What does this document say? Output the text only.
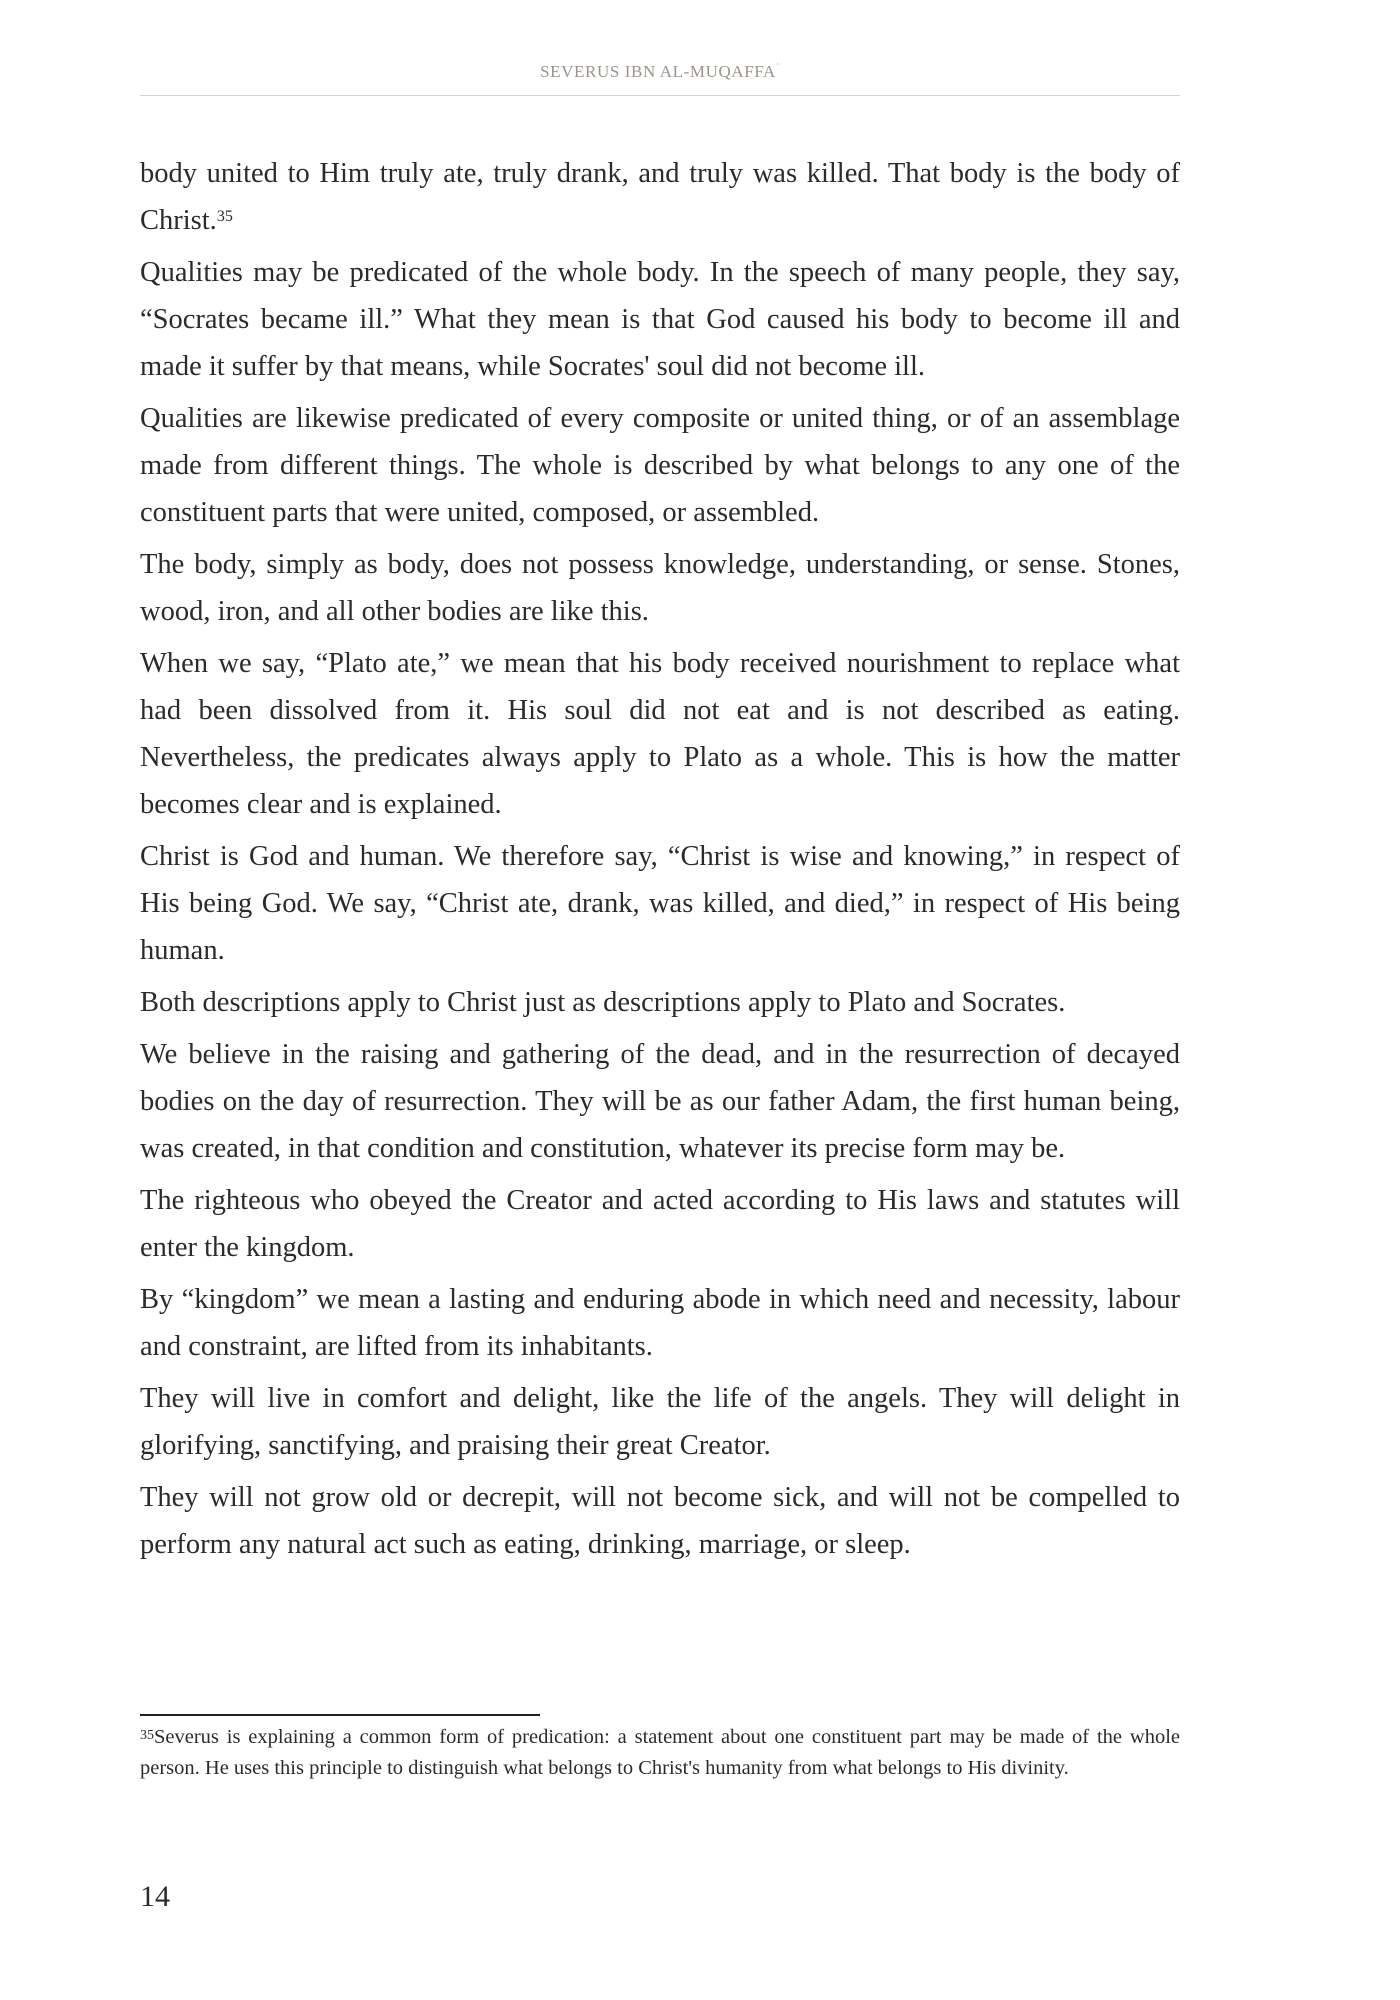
SEVERUS IBN $AL-MUQAFFA^ʿ$

body united to Him truly ate, truly drank, and truly was killed. That body is the body of Christ.$^{35}$

Qualities may be predicated of the whole body. In the speech of many people, they say, “Socrates became ill.” What they mean is that God caused his body to become ill and made it suffer by that means, while Socrates' soul did not become ill.

Qualities are likewise predicated of every composite or united thing, or of an assemblage made from different things. The whole is described by what belongs to any one of the constituent parts that were united, composed, or assembled.

The body, simply as body, does not possess knowledge, understanding, or sense. Stones, wood, iron, and all other bodies are like this.

When we say, “Plato ate,” we mean that his body received nourishment to replace what had been dissolved from it. His soul did not eat and is not described as eating. Nevertheless, the predicates always apply to Plato as a whole. This is how the matter becomes clear and is explained.

Christ is God and human. We therefore say, “Christ is wise and knowing,” in respect of His being God. We say, “Christ ate, drank, was killed, and died,” in respect of His being human.

Both descriptions apply to Christ just as descriptions apply to Plato and Socrates.

We believe in the raising and gathering of the dead, and in the resurrection of decayed bodies on the day of resurrection. They will be as our father Adam, the first human being, was created, in that condition and constitution, whatever its precise form may be.

The righteous who obeyed the Creator and acted according to His laws and statutes will enter the kingdom.

By “kingdom” we mean a lasting and enduring abode in which need and necessity, labour and constraint, are lifted from its inhabitants.

They will live in comfort and delight, like the life of the angels. They will delight in glorifying, sanctifying, and praising their great Creator.

They will not grow old or decrepit, will not become sick, and will not be compelled to perform any natural act such as eating, drinking, marriage, or sleep.

$^{35}$Severus is explaining a common form of predication: a statement about one constituent part may be made of the whole person. He uses this principle to distinguish what belongs to Christ's humanity from what belongs to His divinity.
14
